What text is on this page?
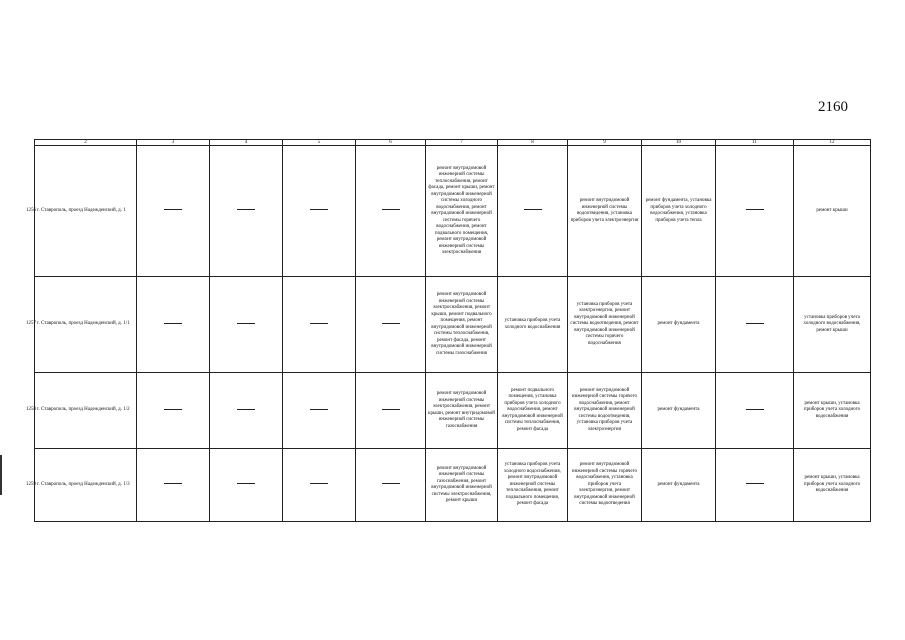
2160
2	3	4	5	6	7	8	9	10	11	12

1256 г. Ставрополь, проезд Надежденский, д. 1					ремонт внутридомовой инженерной системы теплоснабжения, ремонт фасада, ремонт крыши, ремонт внутридомовой инженерной системы холодного водоснабжения, ремонт внутридомовой инженерной системы горячего водоснабжения, ремонт подвального помещения, ремонт внутридомовой инженерной системы электроснабжения		ремонт внутридомовой инженерной системы водоотведения, установка приборов учета электроэнергии	ремонт фундамента, установка приборов учета холодного водоснабжения, установка приборов учета тепла		ремонт крыши

1257 г. Ставрополь, проезд Надежденский, д. 1/1					ремонт внутридомовой инженерной системы электроснабжения, ремонт крыши, ремонт подвального помещения, ремонт внутридомовой инженерной системы теплоснабжения, ремонт фасада, ремонт внутридомовой инженерной системы газоснабжения	установка приборов учета холодного водоснабжения	установка приборов учета электроэнергии, ремонт внутридомовой инженерной системы водоотведения, ремонт внутридомовой инженерной системы горячего водоснабжения	ремонт фундамента		установка приборов учета холодного водоснабжения, ремонт крыши

1258 г. Ставрополь, проезд Надежденский, д. 1/2					ремонт внутридомовой инженерной системы электроснабжения, ремонт крыши, ремонт внутридомовой инженерной системы газоснабжения	ремонт подвального помещения, установка приборов учета холодного водоснабжения, ремонт внутридомовой инженерной системы теплоснабжения, ремонт фасада	ремонт внутридомовой инженерной системы горячего водоснабжения, ремонт внутридомовой инженерной системы водоотведения, установка приборов учета электроэнергии	ремонт фундамента		ремонт крыши, установка приборов учета холодного водоснабжения

1259 г. Ставрополь, проезд Надежденский, д. 1/3					ремонт внутридомовой инженерной системы газоснабжения, ремонт внутридомовой инженерной системы электроснабжения, ремонт крыши	установка приборов учета холодного водоснабжения, ремонт внутридомовой инженерной системы теплоснабжения, ремонт подвального помещения, ремонт фасада	ремонт внутридомовой инженерной системы горячего водоснабжения, установка приборов учета электроэнергии, ремонт внутридомовой инженерной системы водоотведения	ремонт фундамента		ремонт крыши, установка приборов учета холодного водоснабжения
